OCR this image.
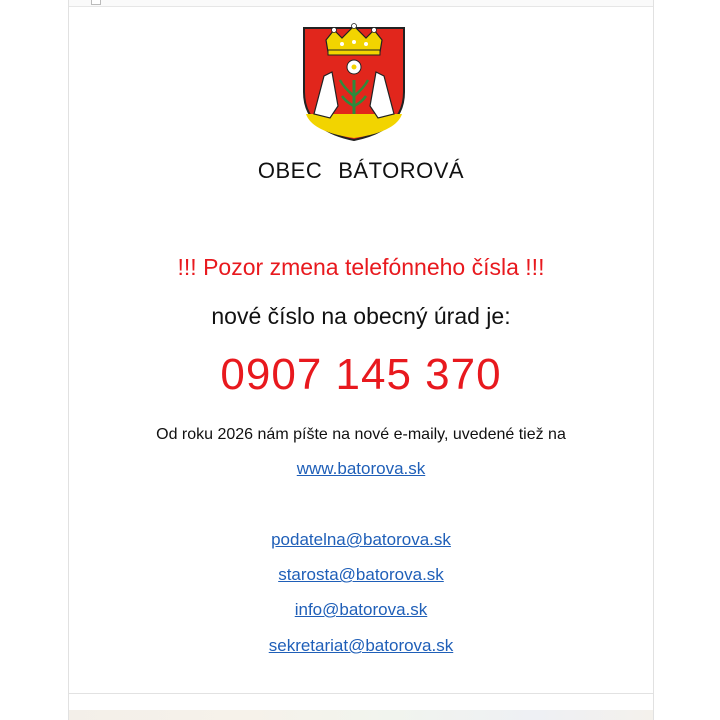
OBEC BÁTOROVÁ
!!! Pozor zmena telefónneho čísla !!!
nové číslo na obecný úrad je:
0907 145 370
Od roku 2026 nám píšte na nové e-maily, uvedené tiež na
www.batorova.sk
podatelna@batorova.sk
starosta@batorova.sk
info@batorova.sk
sekretariat@batorova.sk
